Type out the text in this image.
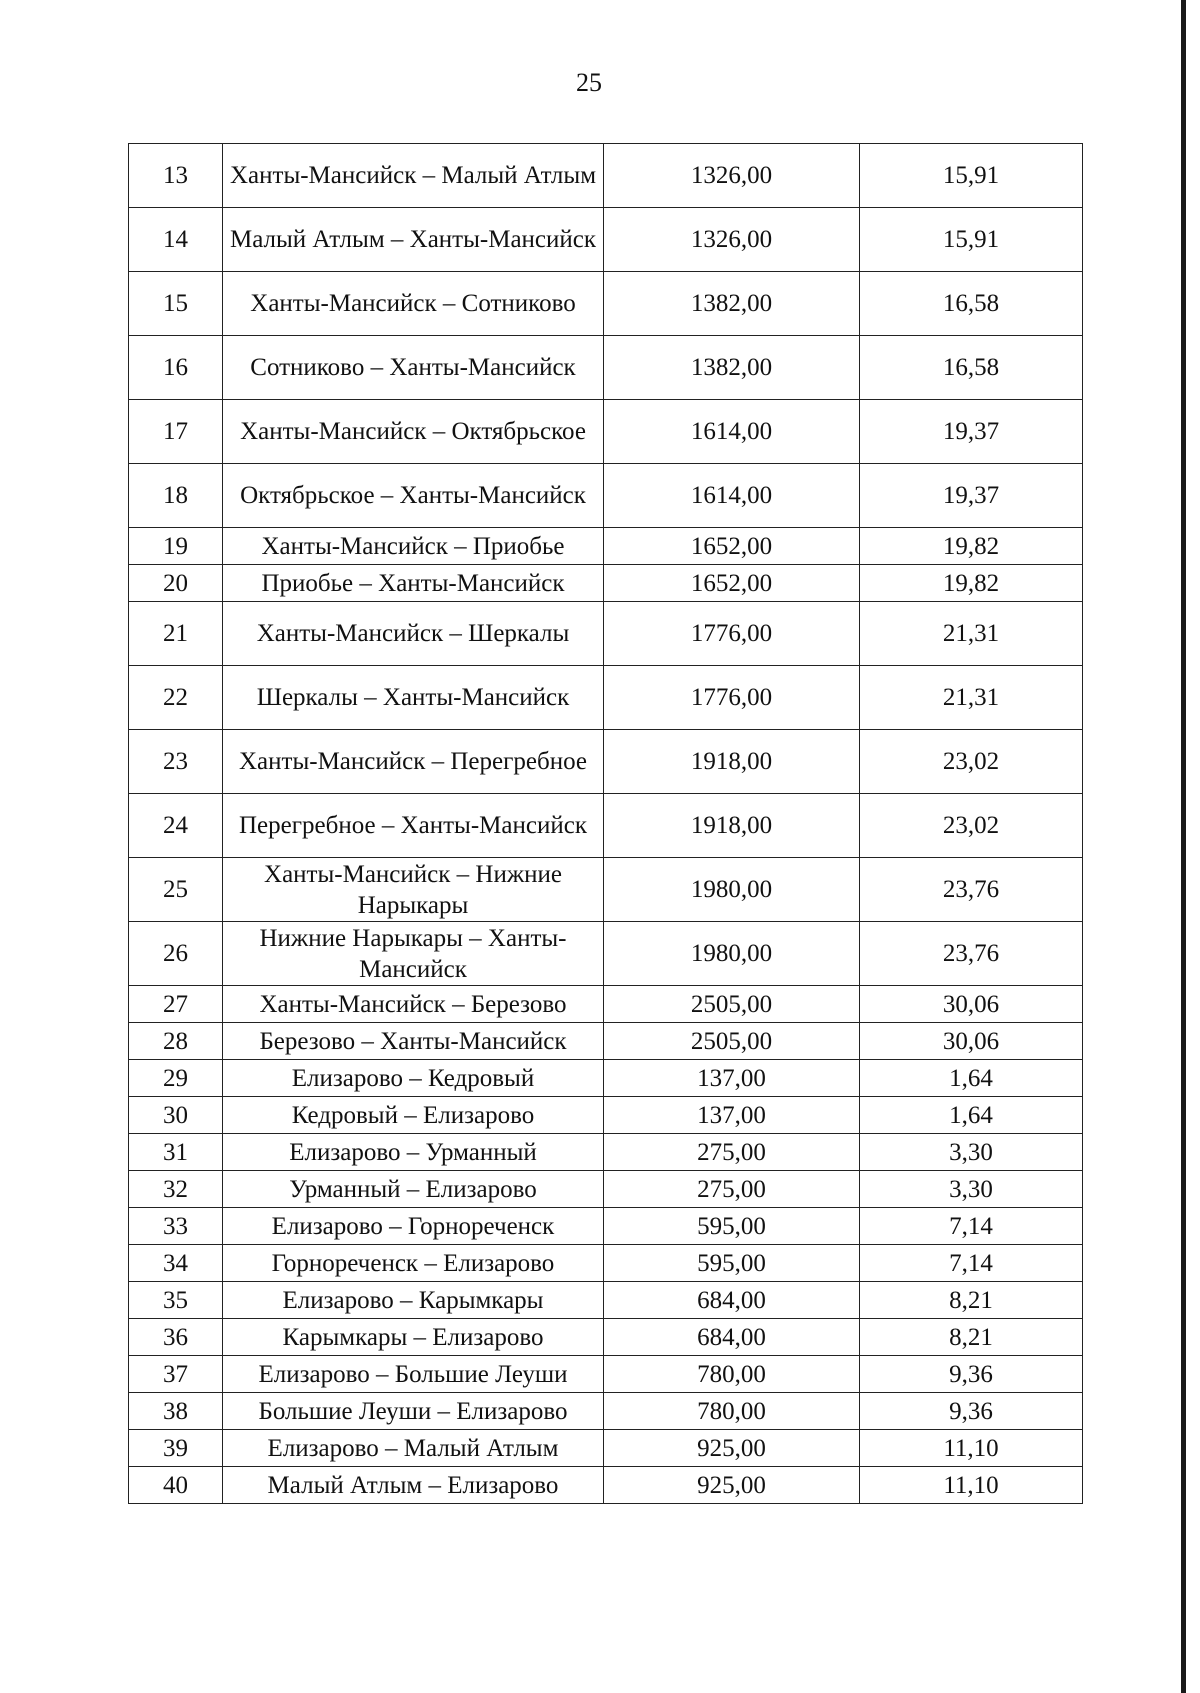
25
13	Ханты-Мансийск – Малый Атлым	1326,00	15,91
14	Малый Атлым – Ханты-Мансийск	1326,00	15,91
15	Ханты-Мансийск – Сотниково	1382,00	16,58
16	Сотниково – Ханты-Мансийск	1382,00	16,58
17	Ханты-Мансийск – Октябрьское	1614,00	19,37
18	Октябрьское – Ханты-Мансийск	1614,00	19,37
19	Ханты-Мансийск – Приобье	1652,00	19,82
20	Приобье – Ханты-Мансийск	1652,00	19,82
21	Ханты-Мансийск – Шеркалы	1776,00	21,31
22	Шеркалы – Ханты-Мансийск	1776,00	21,31
23	Ханты-Мансийск – Перегребное	1918,00	23,02
24	Перегребное – Ханты-Мансийск	1918,00	23,02
25	Ханты-Мансийск – Нижние Нарыкары	1980,00	23,76
26	Нижние Нарыкары – Ханты-Мансийск	1980,00	23,76
27	Ханты-Мансийск – Березово	2505,00	30,06
28	Березово – Ханты-Мансийск	2505,00	30,06
29	Елизарово – Кедровый	137,00	1,64
30	Кедровый – Елизарово	137,00	1,64
31	Елизарово – Урманный	275,00	3,30
32	Урманный – Елизарово	275,00	3,30
33	Елизарово – Горнореченск	595,00	7,14
34	Горнореченск – Елизарово	595,00	7,14
35	Елизарово – Карымкары	684,00	8,21
36	Карымкары – Елизарово	684,00	8,21
37	Елизарово – Большие Леуши	780,00	9,36
38	Большие Леуши – Елизарово	780,00	9,36
39	Елизарово – Малый Атлым	925,00	11,10
40	Малый Атлым – Елизарово	925,00	11,10
